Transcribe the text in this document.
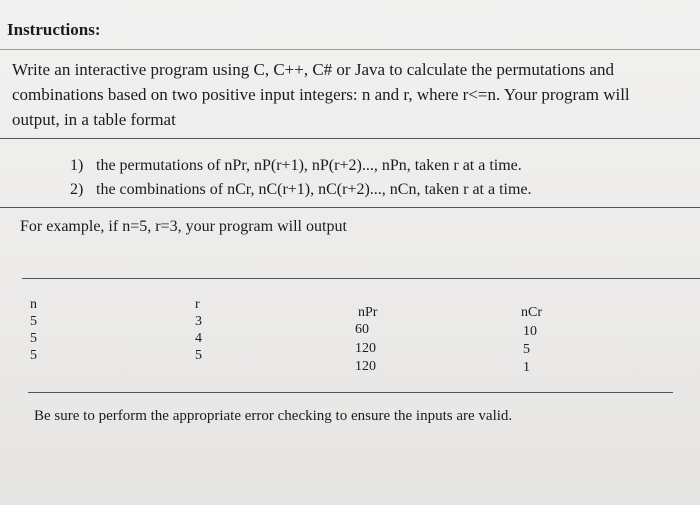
Instructions:
Write an interactive program using C, C++, C# or Java to calculate the permutations and
combinations based on two positive input integers: n and r, where r<=n. Your program will
output, in a table format
1) the permutations of nPr, nP(r+1), nP(r+2)..., nPn, taken r at a time.
2) the combinations of nCr, nC(r+1), nC(r+2)..., nCn, taken r at a time.
For example, if n=5, r=3, your program will output
n	r
nPr	nCr
5
5
5
3
4
5
60
120
120
10
5
1
Be sure to perform the appropriate error checking to ensure the inputs are valid.
